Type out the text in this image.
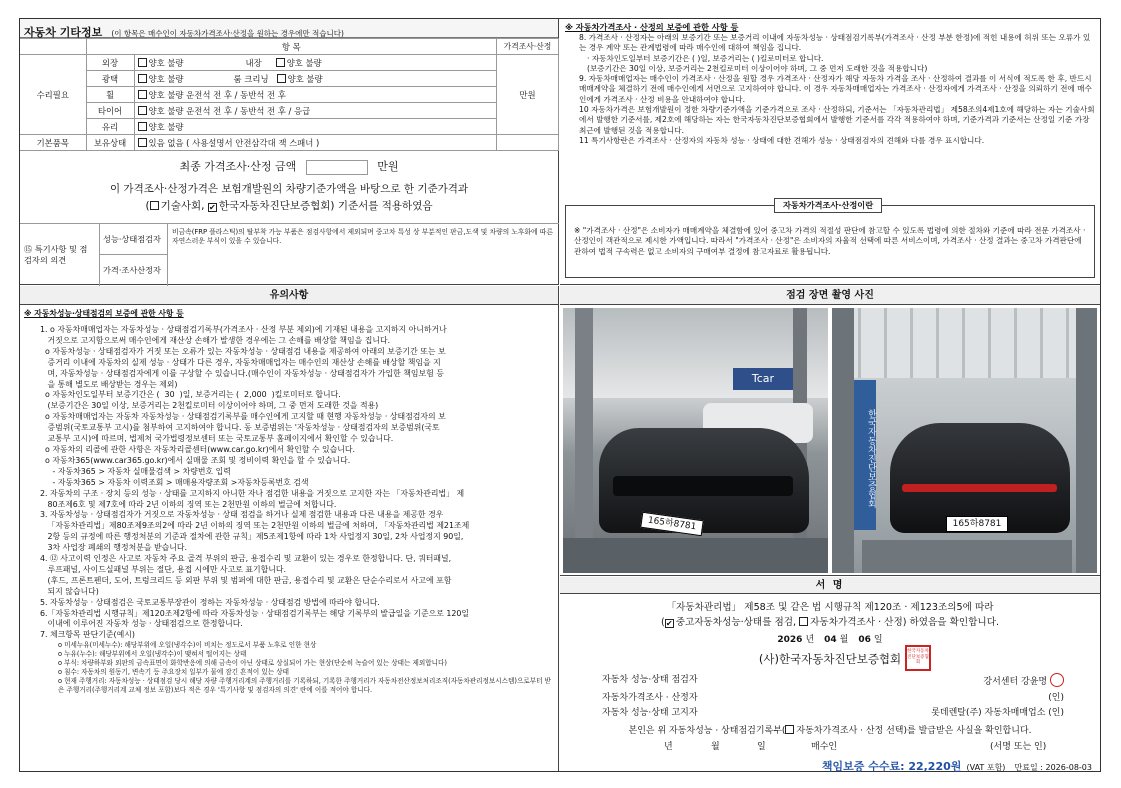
자동차 기타정보 (이 항목은 매수인이 자동차가격조사·산정을 원하는 경우에만 적습니다)
	항 목		가격조사·산정
수리필요	외장	양호 불량 내장 양호 불량	만원
	광택	양호 불량 룸 크리닝 양호 불량	
	휠	양호 불량 운전석 전 후 / 동반석 전 후	
	타이어	양호 불량 운전석 전 후 / 동반석 전 후 / 응급	
	유리	양호 불량	
기본품목	보유상태	있음 없음 ( 사용설명서 안전삼각대 잭 스패너 )	
최종 가격조사·산정 금액	만원
이 가격조사·산정가격은 보험개발원의 차량기준가액을 바탕으로 한 기준가격과
( 기술사회, ✔ 한국자동차진단보증협회) 기준서를 적용하였음
⑮ 특기사항 및 점검자의 의견
성능·상태점검자
비금속(FRP 플라스틱)의 탈부착 가능 부품은 점검사항에서 제외되며 중고차 특성 상 부분적인 판금,도색 및 차량의 노후화에 따른 자연스러운 부식이 있을 수 있습니다.
가격·조사산정자
※ 자동차가격조사 · 산정의 보증에 관한 사항 등
8. 가격조사 · 산정자는 아래의 보증기간 또는 보증거리 이내에 자동차성능 · 상태점검기록부(가격조사 · 산정 부분 한정)에 적힌 내용에 허위 또는 오류가 있는 경우 계약 또는 관계법령에 따라 매수인에 대하여 책임을 집니다.
· 자동차인도일부터 보증기간은 ( )일, 보증거리는 ( )킬로미터로 합니다.
(보증기간은 30일 이상, 보증거리는 2천킬로미터 이상이어야 하며, 그 중 먼저 도래한 것을 적용합니다)
9. 자동차매매업자는 매수인이 가격조사 · 산정을 원할 경우 가격조사 · 산정자가 해당 자동차 가격을 조사 · 산정하여 결과를 이 서식에 적도록 한 후, 반드시 매매계약을 체결하기 전에 매수인에게 서면으로 고지하여야 합니다. 이 경우 자동차매매업자는 가격조사 · 산정자에게 가격조사 · 산정을 의뢰하기 전에 매수인에게 가격조사 · 산정 비용을 안내하여야 합니다.
10 자동차가격은 보험개발원이 정한 차량기준가액을 기준가격으로 조사 · 산정하되, 기준서는 「자동차관리법」 제58조의4제1호에 해당하는 자는 기술사회에서 발행한 기준서를, 제2호에 해당하는 자는 한국자동차진단보증협회에서 발행한 기준서를 각각 적용하여야 하며, 기준가격과 기준서는 산정일 기준 가장 최근에 발행된 것을 적용합니다.
11 특기사항란은 가격조사 · 산정자의 자동차 성능 · 상태에 대한 견해가 성능 · 상태점검자의 견해와 다를 경우 표시합니다.
자동차가격조사·산정이란
※ "가격조사 · 산정"은 소비자가 매매계약을 체결함에 있어 중고차 가격의 적절성 판단에 참고할 수 있도록 법령에 의한 절차와 기준에 따라 전문 가격조사 · 산정인이 객관적으로 제시한 가액입니다. 따라서 "가격조사 · 산정"은 소비자의 자율적 선택에 따른 서비스이며, 가격조사 · 산정 결과는 중고차 가격판단에 관하여 법적 구속력은 없고 소비자의 구매여부 결정에 참고자료로 활용됩니다.
유의사항
※ 자동차성능·상태점검의 보증에 관한 사항 등
1. o 자동차매매업자는 자동차성능 · 상태점검기록부(가격조사 · 산정 부분 제외)에 기재된 내용을 고지하지 아니하거나
거짓으로 고지함으로써 매수인에게 재산상 손해가 발생한 경우에는 그 손해를 배상할 책임을 집니다.
o 자동차성능 · 상태점검자가 거짓 또는 오류가 있는 자동차성능 · 상태점검 내용을 제공하여 아래의 보증기간 또는 보
증거리 이내에 자동차의 실제 성능 · 상태가 다른 경우, 자동차매매업자는 매수인의 재산상 손해를 배상할 책임을 지
며, 자동차성능 · 상태점검자에게 이를 구상할 수 있습니다.(매수인이 자동차성능 · 상태점검자가 가입한 책임보험 등
을 통해 별도로 배상받는 경우는 제외)
o 자동차인도일부터 보증기간은 (  30  )일, 보증거리는 (  2,000  )킬로미터로 합니다.
(보증기간은 30일 이상, 보증거리는 2천킬로미터 이상이어야 하며, 그 중 먼저 도래한 것을 적용)
o 자동차매매업자는 자동차 자동차성능 · 상태점검기록부를 매수인에게 고지할 때 현행 자동차성능 · 상태점검자의 보
증범위(국토교통부 고시)를 첨부하여 고지하여야 합니다. 동 보증범위는 '자동차성능 · 상태점검자의 보증범위(국토
교통부 고시)에 따르며, 법제처 국가법령정보센터 또는 국토교통부 홈페이지에서 확인할 수 있습니다.
o 자동차의 리콜에 관한 사항은 자동차리콜센터(www.car.go.kr)에서 확인할 수 있습니다.
o 자동차365(www.car365.go.kr)에서 실매물 조회 및 정비이력 확인을 할 수 있습니다.
- 자동차365 > 자동차 실매물검색 > 차량번호 입력
- 자동차365 > 자동차 이력조회 > 매매용자량조회 >자동차등록번호 검색
2. 자동차의 구조 · 장치 등의 성능 · 상태를 고지하지 아니한 자나 점검한 내용을 거짓으로 고지한 자는 「자동차관리법」 제
80조제6호 및 제7호에 따라 2년 이하의 징역 또는 2천만원 이하의 벌금에 처합니다.
3. 자동차성능 · 상태점검자가 거짓으로 자동차성능 · 상태 점검을 하거나 실제 점검한 내용과 다른 내용을 제공한 경우
「자동차관리법」제80조제9조의2에 따라 2년 이하의 징역 또는 2천만원 이하의 벌금에 처하며, 「자동차관리법 제21조제
2항 등의 규정에 따른 행정처분의 기준과 절차에 관한 규칙」제5조제1항에 따라 1차 사업정지 30일, 2차 사업정지 90일,
3차 사업장 폐쇄의 행정처분을 받습니다.
4. ⑫ 사고이력 인정은 사고로 자동차 주요 골격 부위의 판금, 용접수리 및 교환이 있는 경우로 한정합니다. 단, 쿼터패널,
루프패널, 사이드실패널 부위는 절단, 용접 시에만 사고로 표기합니다.
(후드, 프론트펜더, 도어, 트렁크리드 등 외판 부위 및 범퍼에 대한 판금, 용접수리 및 교환은 단순수리로서 사고에 포함
되지 않습니다)
5. 자동차성능 · 상태점검은 국토교통부장관이 정하는 자동차성능 · 상태점검 방법에 따라야 합니다.
6.「자동차관리법 시행규칙」제120조제2항에 따라 자동차성능 · 상태점검기록부는 해당 기록부의 발급일을 기준으로 120일
이내에 이루어진 자동차 성능 · 상태점검으로 한정합니다.
7. 체크항목 판단기준(예시)
o 미세누유(미세누수): 해당부위에 오일(냉각수)이 비치는 정도로서 부품 노후로 인한 현상
o 누유(누수): 해당부위에서 오일(냉각수)이 맺혀서 떨어지는 상태
o 부식: 차량하부와 외판의 금속표면이 화학반응에 의해 금속이 아닌 상태로 상실되어 가는 현상(단순히 녹슬어 있는 상태는 제외합니다)
o 침수: 자동차의 원동기, 변속기 등 주요장치 일부가 물에 잠긴 흔적이 있는 상태
o 현재 주행거리: 자동차성능 · 상태점검 당시 해당 자량 주행거리계의 주행거리를 기록하되, 기록한 주행거리가 자동차전산정보처리조직(자동차관리정보시스템)으로부터 받은 주행거리(주행거리계 교체 정보 포함)보다 적은 경우 '특기사항 및 점검자의 의견' 란에 이를 적어야 합니다.
점검 장면 촬영 사진
Tcar
165하8781
한국자동차진단보증협회
165하8781
서 명
「자동차관리법」 제58조 및 같은 법 시행규칙 제120조 · 제123조의5에 따라
( ✔ 중고자동차성능·상태를 점검, 자동차가격조사 · 산정) 하였음을 확인합니다.
2026 년 04 월 06 일
(사)한국자동차진단보증협회
한국자동차진단보증협회
자동차 성능·상태 점검자	강서센터 강윤명
자동차가격조사 · 산정자	(인)
자동차 성능·상태 고지자	롯데렌탈(주) 자동차매매업소 (인)
본인은 위 자동차성능 · 상태점검기록부( 자동차가격조사 · 산정 선택)를 발급받은 사실을 확인합니다.
년	월	일	매수인	(서명 또는 인)
책임보증 수수료: 22,220원 (VAT 포함) 만료일 : 2026-08-03
